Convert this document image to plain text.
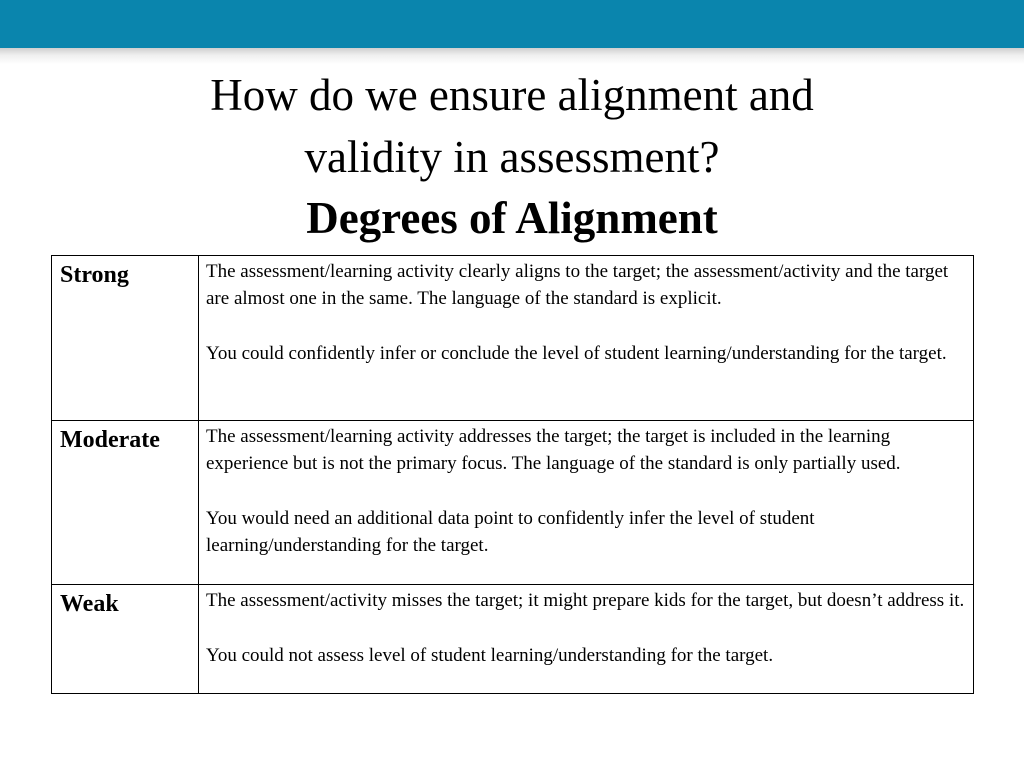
How do we ensure alignment and
validity in assessment?
Degrees of Alignment
Strong	The assessment/learning activity clearly aligns to the target; the assessment/activity and the target are almost one in the same. The language of the standard is explicit.

You could confidently infer or conclude the level of student learning/understanding for the target.

Moderate	The assessment/learning activity addresses the target; the target is included in the learning experience but is not the primary focus. The language of the standard is only partially used.

You would need an additional data point to confidently infer the level of student learning/understanding for the target.

Weak	The assessment/activity misses the target; it might prepare kids for the target, but doesn’t address it.

You could not assess level of student learning/understanding for the target.
